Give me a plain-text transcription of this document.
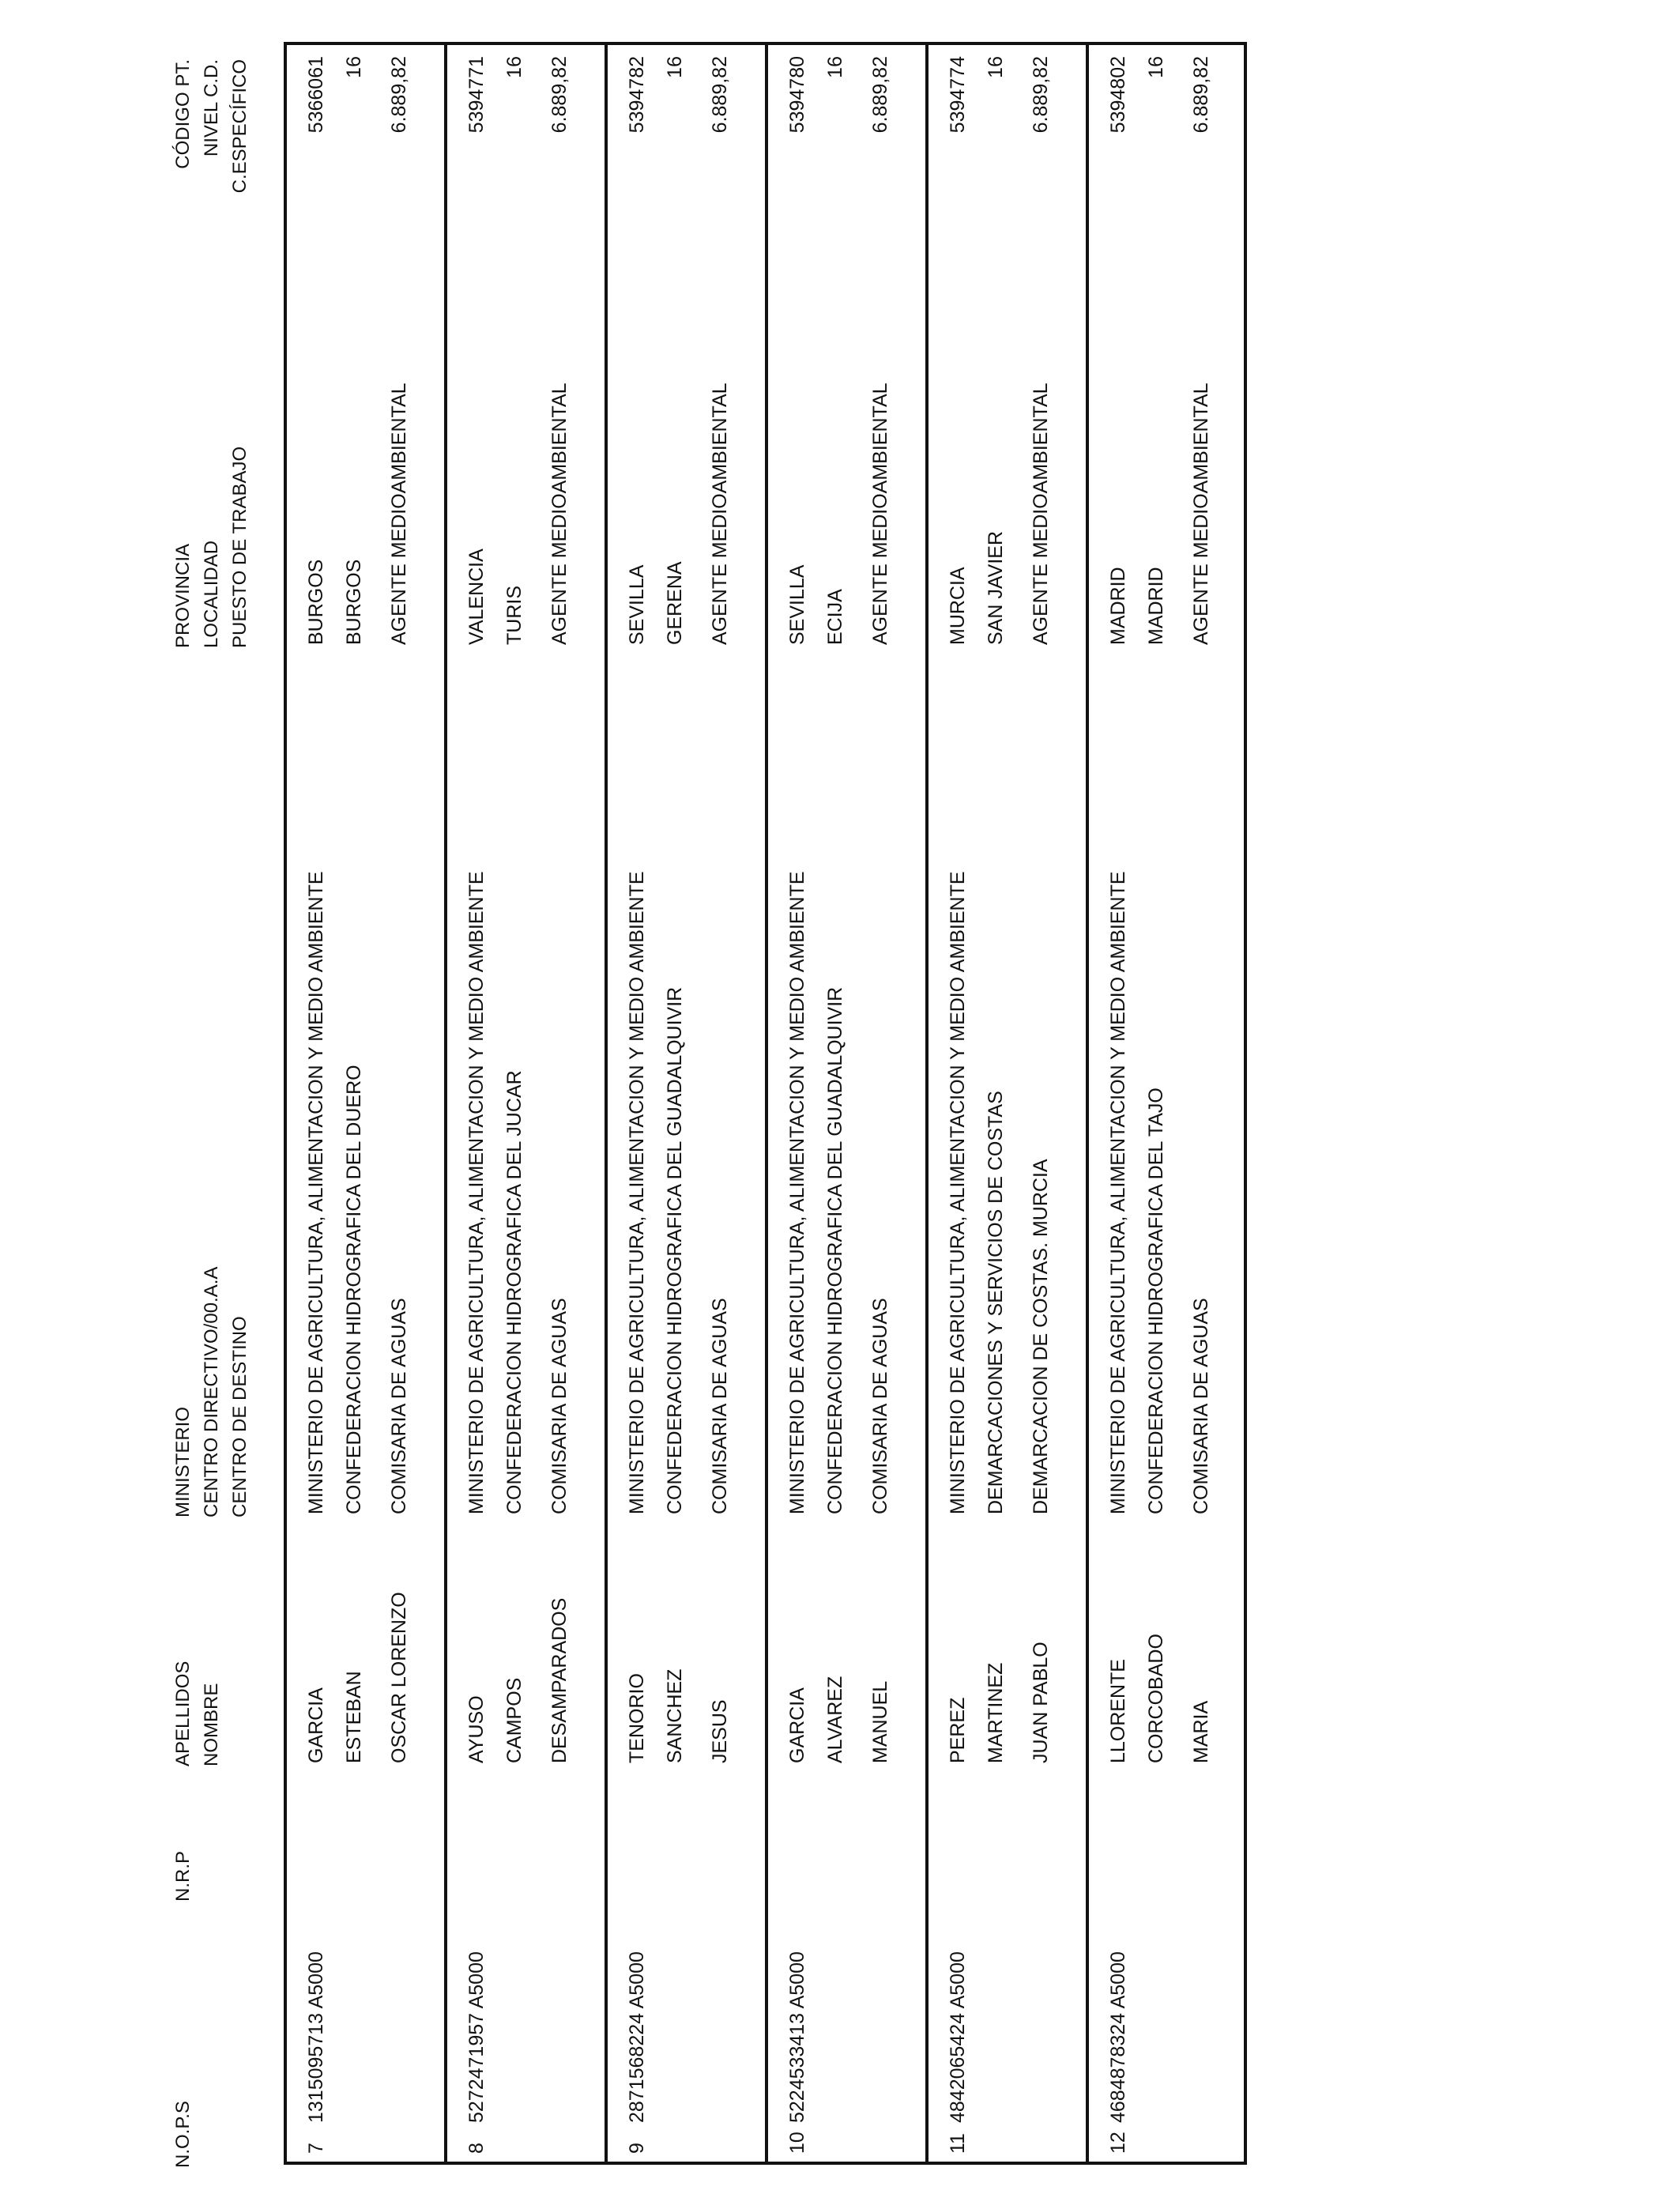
N.O.P.S
N.R.P
APELLIDOS NOMBRE
MINISTERIO CENTRO DIRECTIVO/00.A.A CENTRO DE DESTINO
PROVINCIA LOCALIDAD PUESTO DE TRABAJO
CÓDIGO PT. NIVEL C.D. C.ESPECÍFICO
7
1315095713 A5000
GARCIA ESTEBAN OSCAR LORENZO
MINISTERIO DE AGRICULTURA, ALIMENTACION Y MEDIO AMBIENTE CONFEDERACION HIDROGRAFICA DEL DUERO COMISARIA DE AGUAS
BURGOS BURGOS AGENTE MEDIOAMBIENTAL
5366061 16 6.889,82
8
5272471957 A5000
AYUSO CAMPOS DESAMPARADOS
MINISTERIO DE AGRICULTURA, ALIMENTACION Y MEDIO AMBIENTE CONFEDERACION HIDROGRAFICA DEL JUCAR COMISARIA DE AGUAS
VALENCIA TURIS AGENTE MEDIOAMBIENTAL
5394771 16 6.889,82
9
2871568224 A5000
TENORIO SANCHEZ JESUS
MINISTERIO DE AGRICULTURA, ALIMENTACION Y MEDIO AMBIENTE CONFEDERACION HIDROGRAFICA DEL GUADALQUIVIR COMISARIA DE AGUAS
SEVILLA GERENA AGENTE MEDIOAMBIENTAL
5394782 16 6.889,82
10
5224533413 A5000
GARCIA ALVAREZ MANUEL
MINISTERIO DE AGRICULTURA, ALIMENTACION Y MEDIO AMBIENTE CONFEDERACION HIDROGRAFICA DEL GUADALQUIVIR COMISARIA DE AGUAS
SEVILLA ECIJA AGENTE MEDIOAMBIENTAL
5394780 16 6.889,82
11
4842065424 A5000
PEREZ MARTINEZ JUAN PABLO
MINISTERIO DE AGRICULTURA, ALIMENTACION Y MEDIO AMBIENTE DEMARCACIONES Y SERVICIOS DE COSTAS DEMARCACION DE COSTAS. MURCIA
MURCIA SAN JAVIER AGENTE MEDIOAMBIENTAL
5394774 16 6.889,82
12
4684878324 A5000
LLORENTE CORCOBADO MARIA
MINISTERIO DE AGRICULTURA, ALIMENTACION Y MEDIO AMBIENTE CONFEDERACION HIDROGRAFICA DEL TAJO COMISARIA DE AGUAS
MADRID MADRID AGENTE MEDIOAMBIENTAL
5394802 16 6.889,82
